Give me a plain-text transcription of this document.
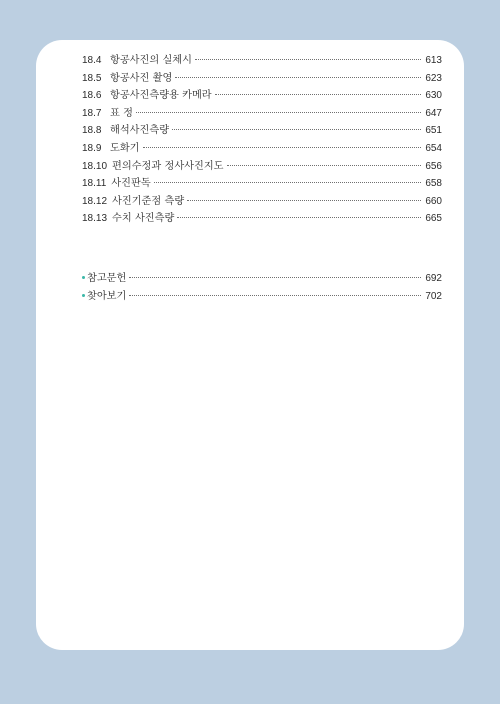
18.4 항공사진의 실체시	613
18.5 항공사진 촬영	623
18.6 항공사진측량용 카메라	630
18.7 표 정	647
18.8 해석사진측량	651
18.9 도화기	654
18.10 편의수정과 정사사진지도	656
18.11 사진판독	658
18.12 사진기준점 측량	660
18.13 수치 사진측량	665
참고문헌	692
찾아보기	702
